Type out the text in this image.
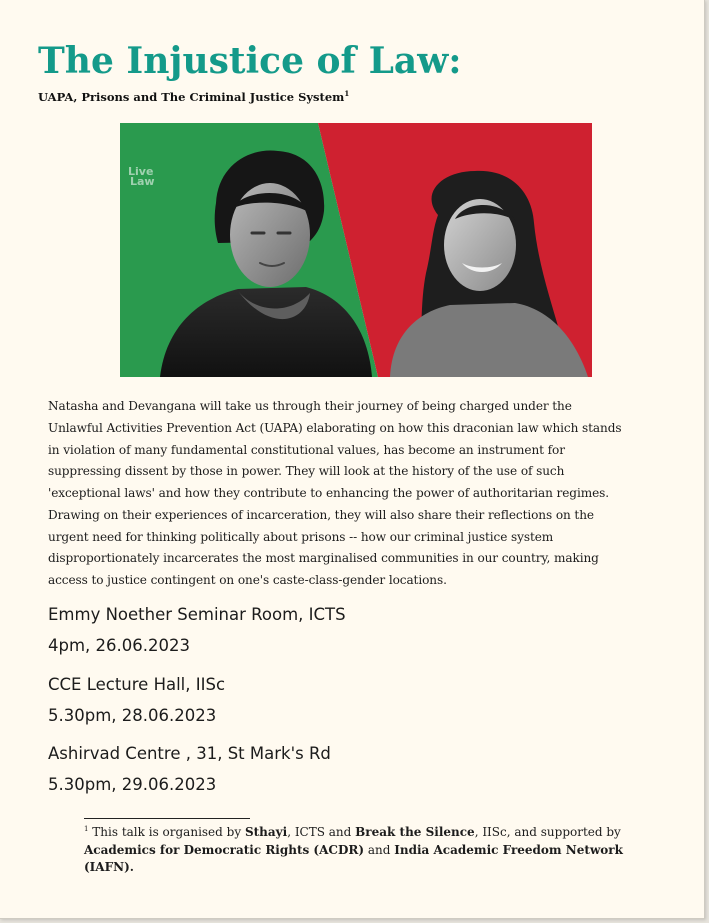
The Injustice of Law:

UAPA, Prisons and The Criminal Justice System$^1$

Live Law

Natasha and Devangana will take us through their journey of being charged under the Unlawful Activities Prevention Act (UAPA) elaborating on how this draconian law which stands in violation of many fundamental constitutional values, has become an instrument for suppressing dissent by those in power. They will look at the history of the use of such 'exceptional laws' and how they contribute to enhancing the power of authoritarian regimes. Drawing on their experiences of incarceration, they will also share their reflections on the urgent need for thinking politically about prisons -- how our criminal justice system disproportionately incarcerates the most marginalised communities in our country, making access to justice contingent on one's caste-class-gender locations.

Emmy Noether Seminar Room, ICTS
4pm, 26.06.2023
CCE Lecture Hall, IISc
5.30pm, 28.06.2023
Ashirvad Centre , 31, St Mark's Rd
5.30pm, 29.06.2023

$^1$ This talk is organised by Sthayi, ICTS and Break the Silence, IISc, and supported by Academics for Democratic Rights (ACDR) and India Academic Freedom Network (IAFN).
